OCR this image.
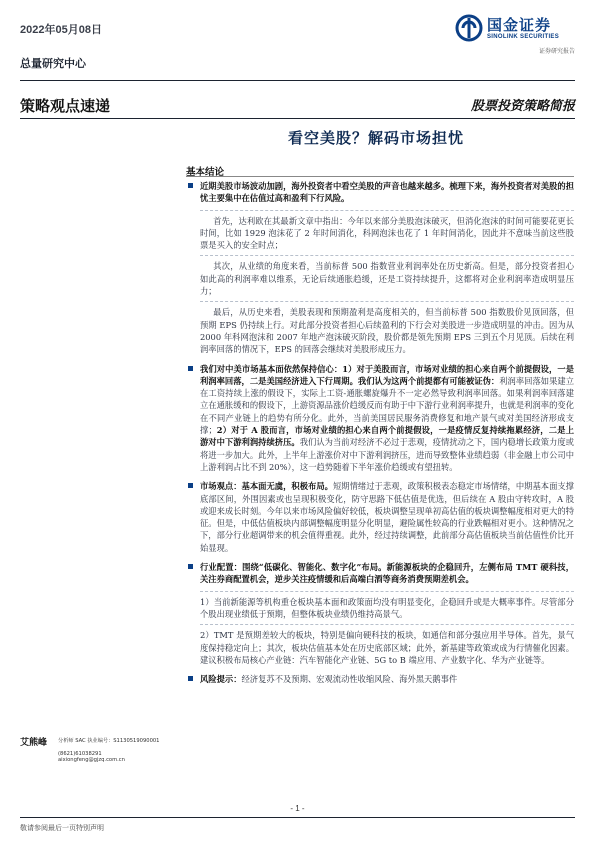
2022年05月08日	国金证券
SINOLINK SECURITIES
证券研究报告
总量研究中心
策略观点速递	股票投资策略简报
看空美股？解码市场担忧
基本结论
近期美股市场波动加剧，海外投资者中看空美股的声音也越来越多。梳理下来，海外投资者对美股的担忧主要集中在估值过高和盈利下行风险。
首先，达利欧在其最新文章中指出：今年以来部分美股泡沫破灭，但消化泡沫的时间可能要花更长时间，比如 1929 泡沫花了 2 年时间消化，科网泡沫也花了 1 年时间消化，因此并不意味当前这些股票是买入的安全时点；
其次，从业绩的角度来看，当前标普 500 指数营业利润率处在历史新高。但是，部分投资者担心如此高的利润率难以维系，无论后续通胀趋缓，还是工资持续提升，这都将对企业利润率造成明显压力；
最后，从历史来看，美股表现和预期盈利是高度相关的，但当前标普 500 指数股价见顶回落，但预期 EPS 仍持续上行。对此部分投资者担心后续盈利的下行会对美股进一步造成明显的冲击。因为从 2000 年科网泡沫和 2007 年地产泡沫破灭阶段，股价都是领先预期 EPS 三到五个月见顶。后续在利润率回落的情况下，EPS 的回落会继续对美股形成压力。
我们对中美市场基本面依然保持信心：1）对于美股而言，市场对业绩的担心来自两个前提假设，一是利润率回落，二是美国经济进入下行周期。我们认为这两个前提都有可能被证伪：利润率回落如果建立在工资持续上涨的假设下，实际上工资-通胀螺旋爆升不一定必然导致利润率回落。如果利润率回落建立在通胀缓和的假设下，上游资源品涨价趋缓反而有助于中下游行业利润率提升，也就是利润率的变化在不同产业链上的趋势有所分化。此外，当前美国居民服务消费修复和地产景气或对美国经济形成支撑；2）对于 A 股而言，市场对业绩的担心来自两个前提假设，一是疫情反复持续拖累经济，二是上游对中下游利润持续挤压。我们认为当前对经济不必过于悲观，疫情扰动之下，国内稳增长政策力度或将进一步加大。此外，上半年上游涨价对中下游利润挤压，进而导致整体业绩趋弱（非金融上市公司中上游利润占比不到 20%），这一趋势随着下半年涨价趋缓或有望扭转。
市场观点：基本面无虞，积极布局。短期情绪过于悲观，政策积极表态稳定市场情绪，中期基本面支撑底部区间，外围因素或也呈现积极变化，防守思路下低估值是优选，但后续在 A 股由守转攻时，A 股或迎来成长时刻。今年以来市场风险偏好较低，板块调整呈现单初高估值的板块调整幅度相对更大的特征。但是，中低估值板块内部调整幅度明显分化明显，避险属性较高的行业跌幅相对更小。这种情况之下，部分行业超调带来的机会值得重视。此外，经过持续调整，此前部分高估值板块当前估值性价比开始显现。
行业配置：围绕“低碳化、智能化、数字化”布局。新能源板块的企稳回升，左侧布局 TMT 硬科技，关注券商配置机会，逆步关注疫情缓和后高端白酒等商务消费预期差机会。
1）当前新能源等机构重仓板块基本面和政策面均没有明显变化，企稳回升或是大概率事件。尽管部分个股出现业绩低于预期，但整体板块业绩仍维持高景气。
2）TMT 是预期差较大的板块，特别是偏向硬科技的板块，如通信和部分强应用半导体。首先，景气度保持稳定向上；其次，板块估值基本处在历史底部区域；此外，新基建等政策或成为行情催化因素。建议积极布局核心产业链：汽车智能化产业链、5G to B 端应用、产业数字化、华为产业链等。
风险提示：经济复苏不及预期、宏观流动性收缩风险、海外黑天鹅事件
艾熊峰	分析师 SAC 执业编号：S1130519090001
(8621)61038291
aixiongfeng@gjzq.com.cn
- 1 -
敬请参阅最后一页特别声明
